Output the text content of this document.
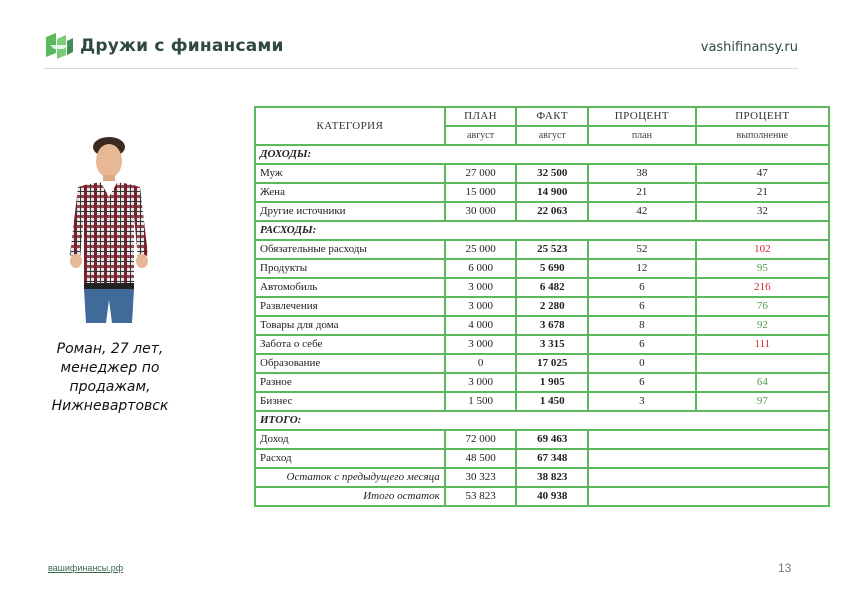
Дружи с финансами	vashifinansy.ru
Роман, 27 лет,
менеджер по
продажам,
Нижневартовск
КАТЕГОРИЯ	ПЛАН	ФАКТ	ПРОЦЕНТ	ПРОЦЕНТ
	август	август	план	выполнение
ДОХОДЫ:				
Муж	27 000	32 500	38	47
Жена	15 000	14 900	21	21
Другие источники	30 000	22 063	42	32
РАСХОДЫ:				
Обязательные расходы	25 000	25 523	52	102
Продукты	6 000	5 690	12	95
Автомобиль	3 000	6 482	6	216
Развлечения	3 000	2 280	6	76
Товары для дома	4 000	3 678	8	92
Забота о себе	3 000	3 315	6	111
Образование	0	17 025	0	
Разное	3 000	1 905	6	64
Бизнес	1 500	1 450	3	97
ИТОГО:				
Доход	72 000	69 463		
Расход	48 500	67 348		
Остаток с предыдущего месяца	30 323	38 823		
Итого остаток	53 823	40 938		
вашифинансы.рф	13
